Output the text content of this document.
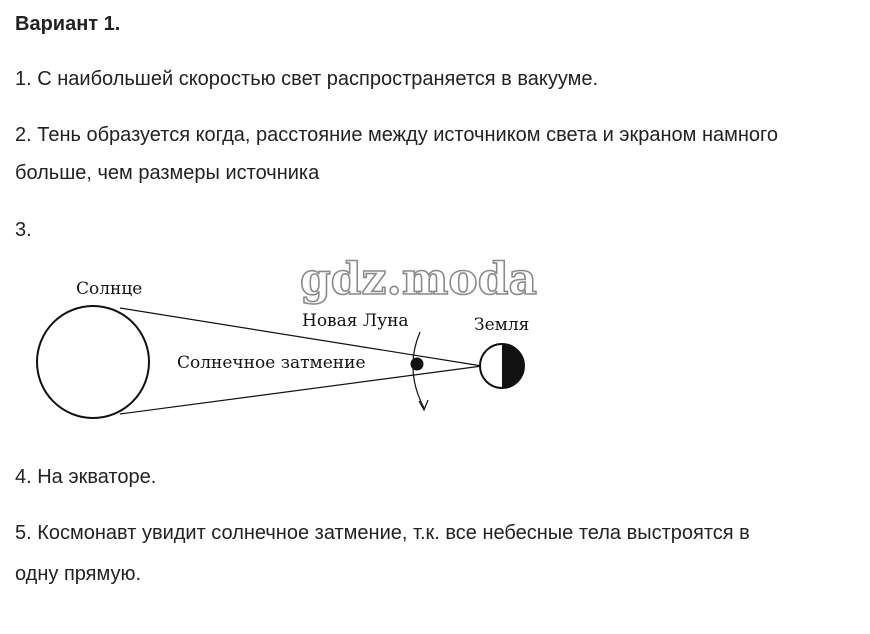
Вариант 1.
1. С наибольшей скоростью свет распространяется в вакууме.
2. Тень образуется когда, расстояние между источником света и экраном намного
больше, чем размеры источника
3.
gdz.moda
Солнце
Солнечное затмение
Новая Луна	Земля
4. На экваторе.
5. Космонавт увидит солнечное затмение, т.к. все небесные тела выстроятся в
одну прямую.
